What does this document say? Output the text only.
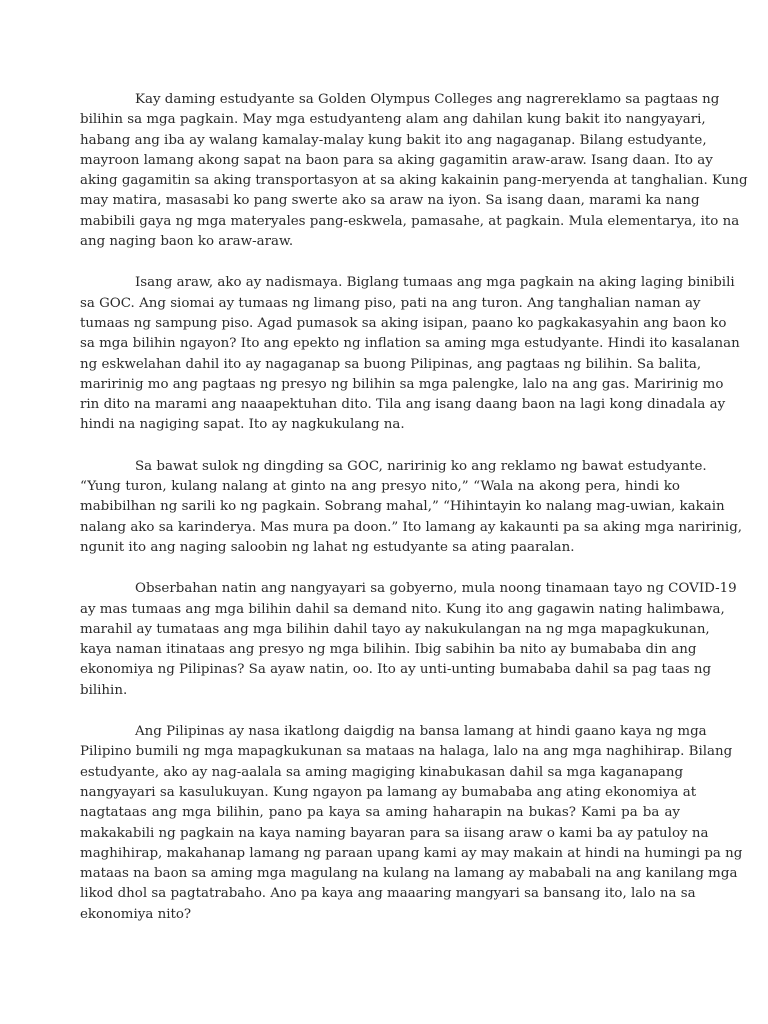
Kay daming estudyante sa Golden Olympus Colleges ang nagrereklamo sa pagtaas ng
bilihin sa mga pagkain. May mga estudyanteng alam ang dahilan kung bakit ito nangyayari,
habang ang iba ay walang kamalay-malay kung bakit ito ang nagaganap. Bilang estudyante,
mayroon lamang akong sapat na baon para sa aking gagamitin araw-araw. Isang daan. Ito ay
aking gagamitin sa aking transportasyon at sa aking kakainin pang-meryenda at tanghalian. Kung
may matira, masasabi ko pang swerte ako sa araw na iyon. Sa isang daan, marami ka nang
mabibili gaya ng mga materyales pang-eskwela, pamasahe, at pagkain. Mula elementarya, ito na
ang naging baon ko araw-araw.

Isang araw, ako ay nadismaya. Biglang tumaas ang mga pagkain na aking laging binibili
sa GOC. Ang siomai ay tumaas ng limang piso, pati na ang turon. Ang tanghalian naman ay
tumaas ng sampung piso. Agad pumasok sa aking isipan, paano ko pagkakasyahin ang baon ko
sa mga bilihin ngayon? Ito ang epekto ng inflation sa aming mga estudyante. Hindi ito kasalanan
ng eskwelahan dahil ito ay nagaganap sa buong Pilipinas, ang pagtaas ng bilihin. Sa balita,
maririnig mo ang pagtaas ng presyo ng bilihin sa mga palengke, lalo na ang gas. Maririnig mo
rin dito na marami ang naaapektuhan dito. Tila ang isang daang baon na lagi kong dinadala ay
hindi na nagiging sapat. Ito ay nagkukulang na.

Sa bawat sulok ng dingding sa GOC, naririnig ko ang reklamo ng bawat estudyante.
“Yung turon, kulang nalang at ginto na ang presyo nito,” “Wala na akong pera, hindi ko
mabibilhan ng sarili ko ng pagkain. Sobrang mahal,” “Hihintayin ko nalang mag-uwian, kakain
nalang ako sa karinderya. Mas mura pa doon.” Ito lamang ay kakaunti pa sa aking mga naririnig,
ngunit ito ang naging saloobin ng lahat ng estudyante sa ating paaralan.

Obserbahan natin ang nangyayari sa gobyerno, mula noong tinamaan tayo ng COVID-19
ay mas tumaas ang mga bilihin dahil sa demand nito. Kung ito ang gagawin nating halimbawa,
marahil ay tumataas ang mga bilihin dahil tayo ay nakukulangan na ng mga mapagkukunan,
kaya naman itinataas ang presyo ng mga bilihin. Ibig sabihin ba nito ay bumababa din ang
ekonomiya ng Pilipinas? Sa ayaw natin, oo. Ito ay unti-unting bumababa dahil sa pag taas ng
bilihin.

Ang Pilipinas ay nasa ikatlong daigdig na bansa lamang at hindi gaano kaya ng mga
Pilipino bumili ng mga mapagkukunan sa mataas na halaga, lalo na ang mga naghihirap. Bilang
estudyante, ako ay nag-aalala sa aming magiging kinabukasan dahil sa mga kaganapang
nangyayari sa kasulukuyan. Kung ngayon pa lamang ay bumababa ang ating ekonomiya at
nagtataas ang mga bilihin, pano pa kaya sa aming haharapin na bukas? Kami pa ba ay
makakabili ng pagkain na kaya naming bayaran para sa iisang araw o kami ba ay patuloy na
maghihirap, makahanap lamang ng paraan upang kami ay may makain at hindi na humingi pa ng
mataas na baon sa aming mga magulang na kulang na lamang ay mababali na ang kanilang mga
likod dhol sa pagtatrabaho. Ano pa kaya ang maaaring mangyari sa bansang ito, lalo na sa
ekonomiya nito?
